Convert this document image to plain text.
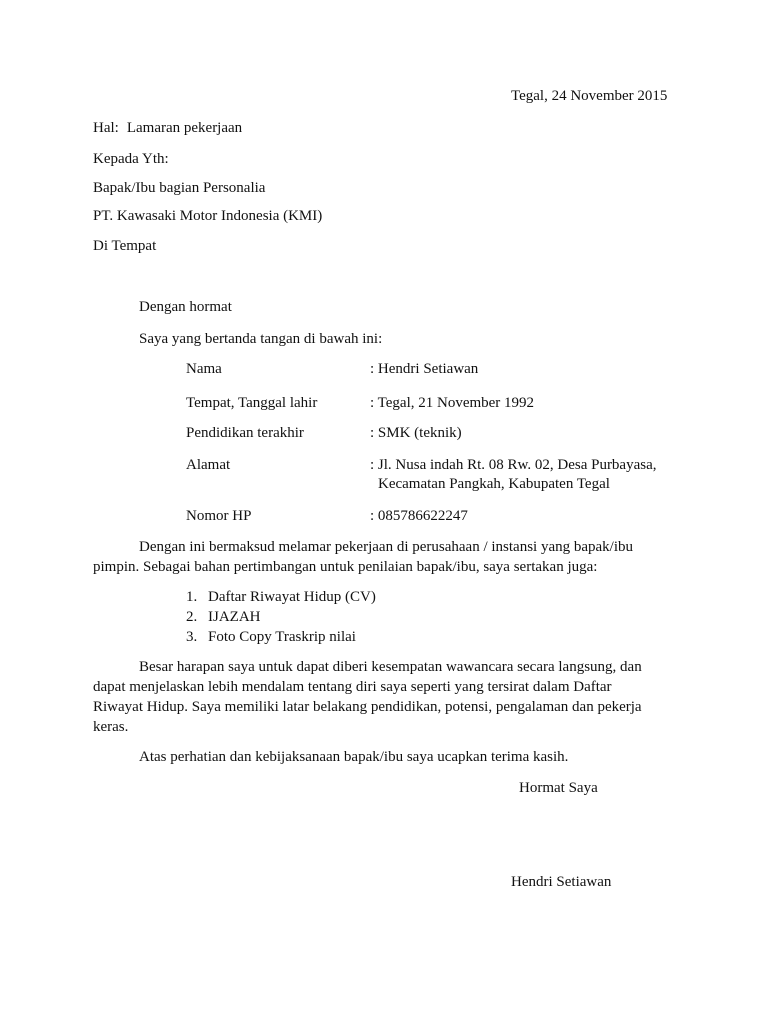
Tegal, 24 November 2015
Hal: Lamaran pekerjaan
Kepada Yth:
Bapak/Ibu bagian Personalia
PT. Kawasaki Motor Indonesia (KMI)
Di Tempat
Dengan hormat
Saya yang bertanda tangan di bawah ini:
Nama	: Hendri Setiawan
Tempat, Tanggal lahir	: Tegal, 21 November 1992
Pendidikan terakhir	: SMK (teknik)
Alamat	: Jl. Nusa indah Rt. 08 Rw. 02, Desa Purbayasa,
Kecamatan Pangkah, Kabupaten Tegal
Nomor HP	: 085786622247
Dengan ini bermaksud melamar pekerjaan di perusahaan / instansi yang bapak/ibu
pimpin. Sebagai bahan pertimbangan untuk penilaian bapak/ibu, saya sertakan juga:
1. Daftar Riwayat Hidup (CV)
2. IJAZAH
3. Foto Copy Traskrip nilai
Besar harapan saya untuk dapat diberi kesempatan wawancara secara langsung, dan
dapat menjelaskan lebih mendalam tentang diri saya seperti yang tersirat dalam Daftar
Riwayat Hidup. Saya memiliki latar belakang pendidikan, potensi, pengalaman dan pekerja
keras.
Atas perhatian dan kebijaksanaan bapak/ibu saya ucapkan terima kasih.
Hormat Saya
Hendri Setiawan
